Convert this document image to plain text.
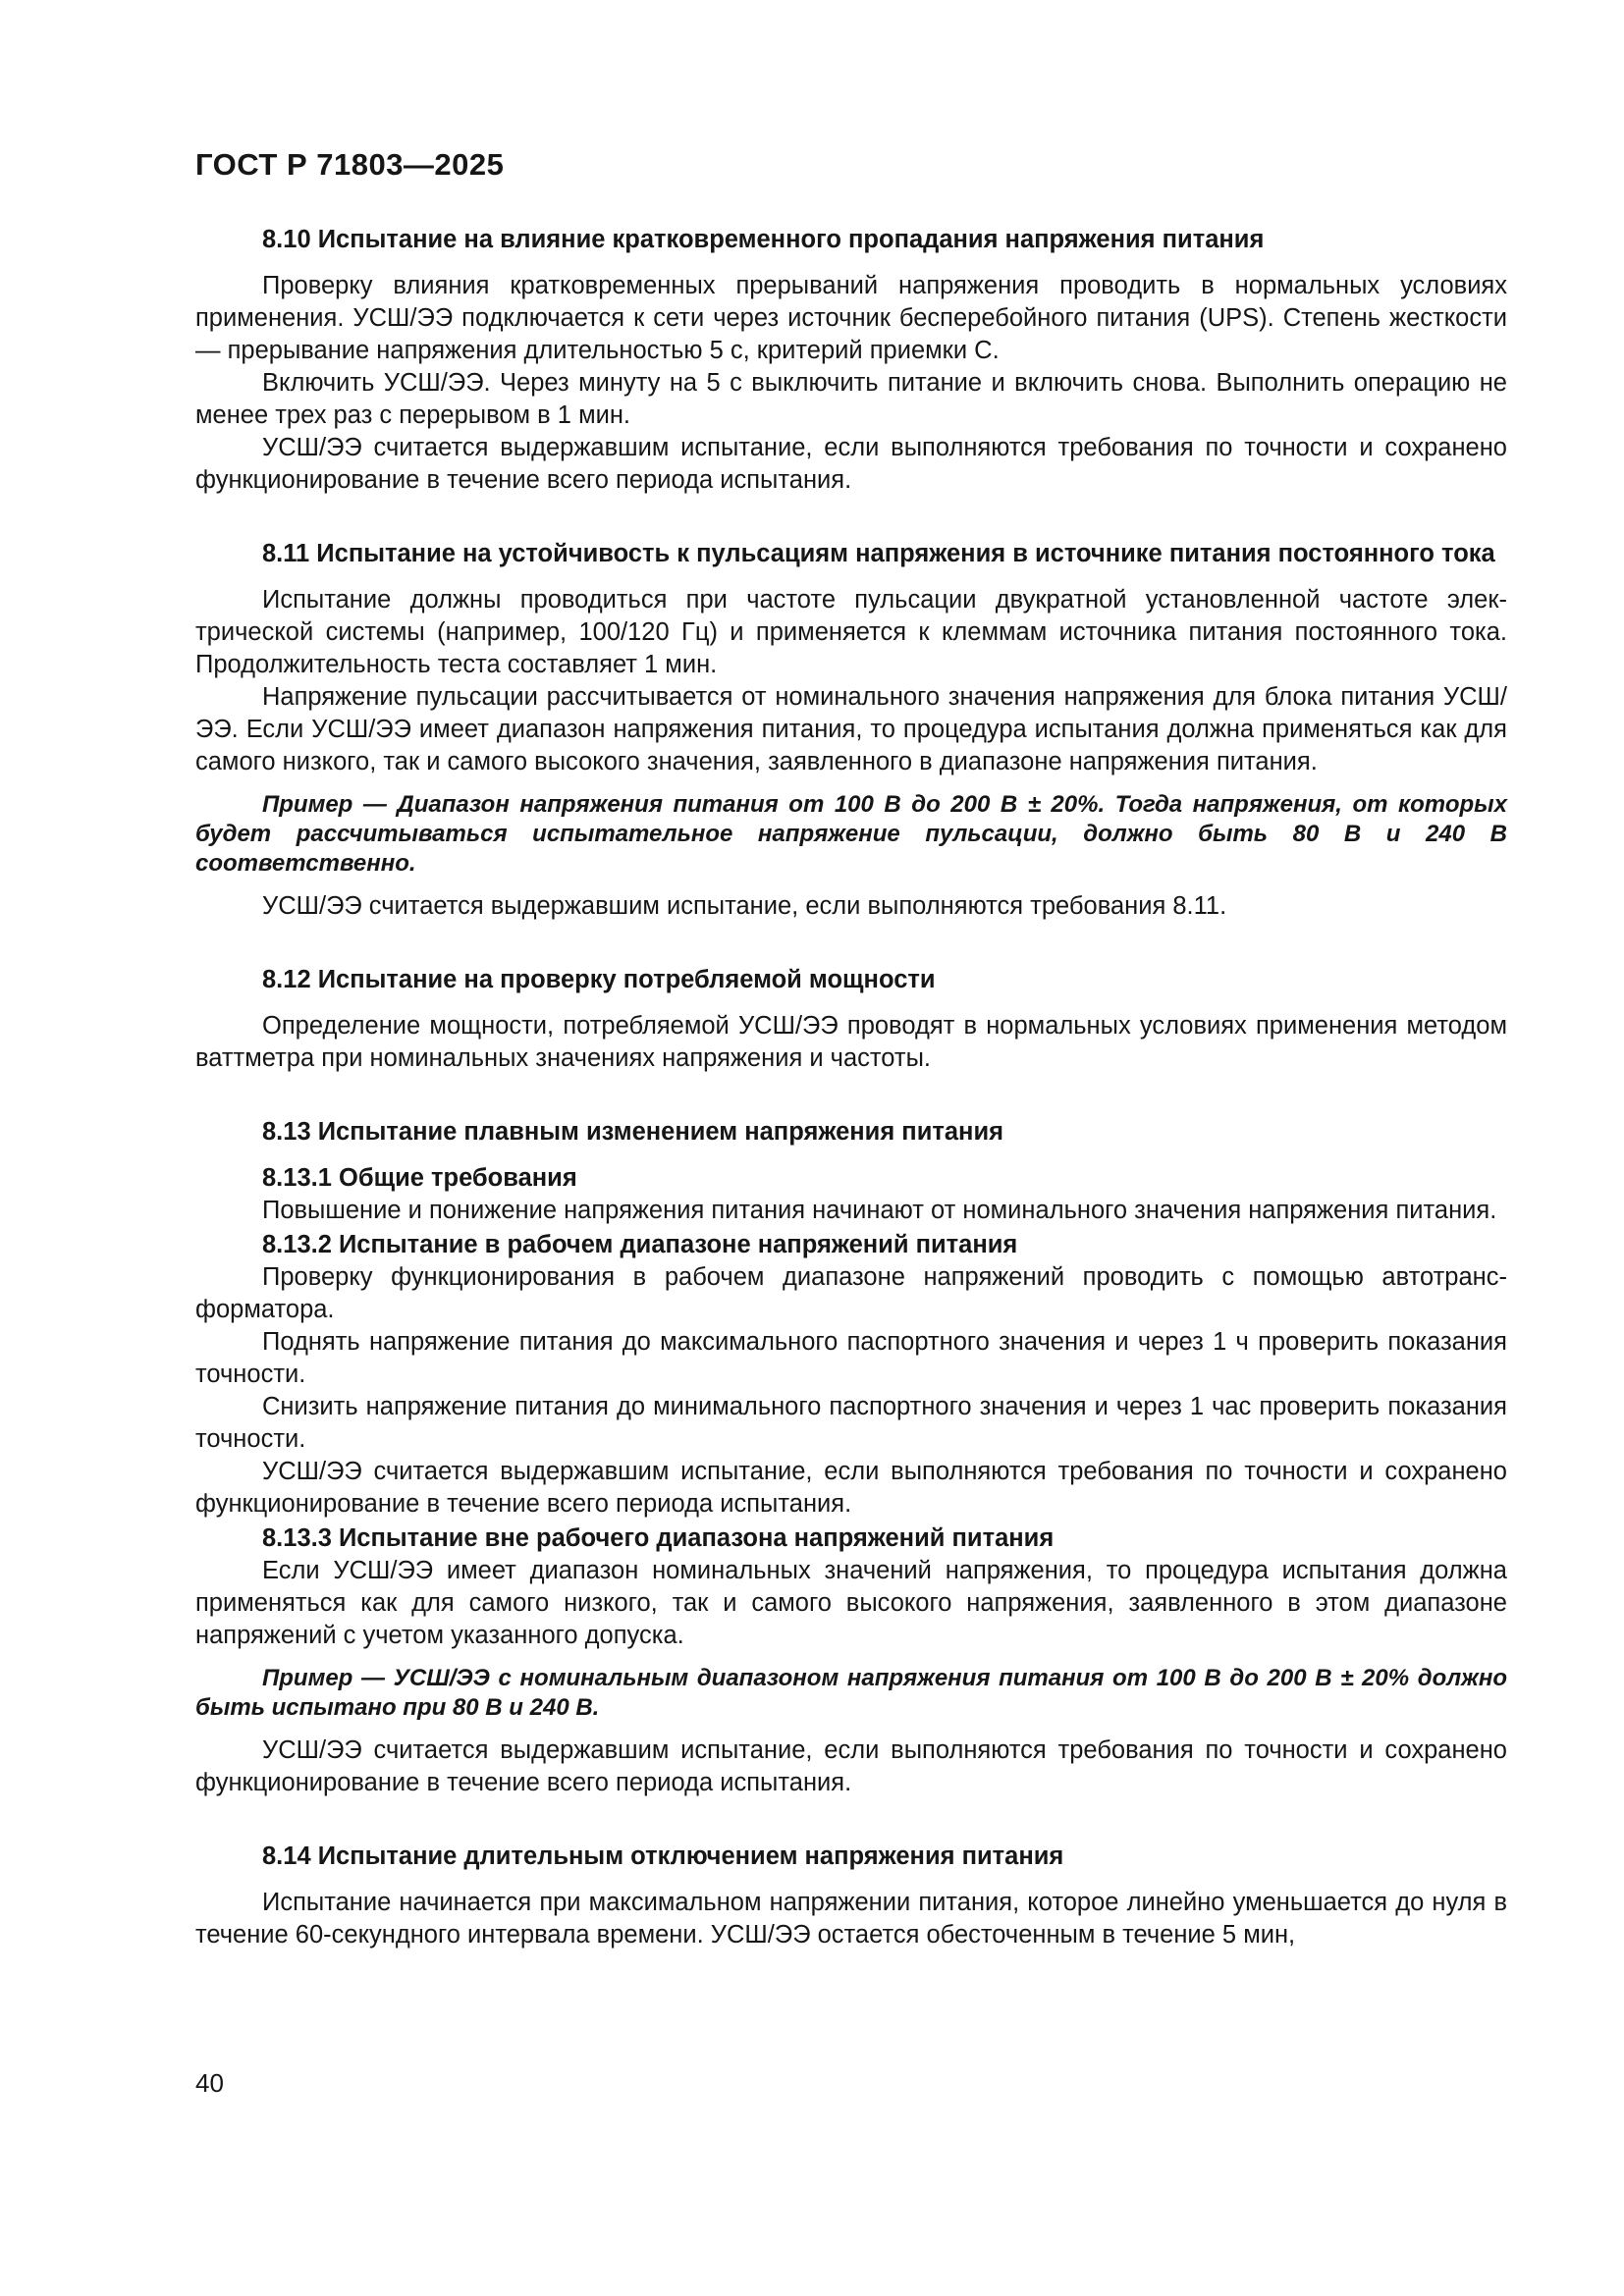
ГОСТ Р 71803—2025

8.10 Испытание на влияние кратковременного пропадания напряжения питания

Проверку влияния кратковременных прерываний напряжения проводить в нормальных условиях применения. УСШ/ЭЭ подключается к сети через источник бесперебойного питания (UPS). Степень жесткости — прерывание напряжения длительностью 5 с, критерий приемки С.

Включить УСШ/ЭЭ. Через минуту на 5 с выключить питание и включить снова. Выполнить операцию не менее трех раз с перерывом в 1 мин.

УСШ/ЭЭ считается выдержавшим испытание, если выполняются требования по точности и сохранено функционирование в течение всего периода испытания.

8.11 Испытание на устойчивость к пульсациям напряжения в источнике питания постоянного тока

Испытание должны проводиться при частоте пульсации двукратной установленной частоте электрической системы (например, 100/120 Гц) и применяется к клеммам источника питания постоянного тока. Продолжительность теста составляет 1 мин.

Напряжение пульсации рассчитывается от номинального значения напряжения для блока питания УСШ/ЭЭ. Если УСШ/ЭЭ имеет диапазон напряжения питания, то процедура испытания должна применяться как для самого низкого, так и самого высокого значения, заявленного в диапазоне напряжения питания.

Пример — Диапазон напряжения питания от 100 В до 200 В ± 20%. Тогда напряжения, от которых будет рассчитываться испытательное напряжение пульсации, должно быть 80 В и 240 В соответственно.

УСШ/ЭЭ считается выдержавшим испытание, если выполняются требования 8.11.

8.12 Испытание на проверку потребляемой мощности

Определение мощности, потребляемой УСШ/ЭЭ проводят в нормальных условиях применения методом ваттметра при номинальных значениях напряжения и частоты.

8.13 Испытание плавным изменением напряжения питания

8.13.1 Общие требования

Повышение и понижение напряжения питания начинают от номинального значения напряжения питания.

8.13.2 Испытание в рабочем диапазоне напряжений питания

Проверку функционирования в рабочем диапазоне напряжений проводить с помощью автотрансформатора.

Поднять напряжение питания до максимального паспортного значения и через 1 ч проверить показания точности.

Снизить напряжение питания до минимального паспортного значения и через 1 час проверить показания точности.

УСШ/ЭЭ считается выдержавшим испытание, если выполняются требования по точности и сохранено функционирование в течение всего периода испытания.

8.13.3 Испытание вне рабочего диапазона напряжений питания

Если УСШ/ЭЭ имеет диапазон номинальных значений напряжения, то процедура испытания должна применяться как для самого низкого, так и самого высокого напряжения, заявленного в этом диапазоне напряжений с учетом указанного допуска.

Пример — УСШ/ЭЭ с номинальным диапазоном напряжения питания от 100 В до 200 В ± 20% должно быть испытано при 80 В и 240 В.

УСШ/ЭЭ считается выдержавшим испытание, если выполняются требования по точности и сохранено функционирование в течение всего периода испытания.

8.14 Испытание длительным отключением напряжения питания

Испытание начинается при максимальном напряжении питания, которое линейно уменьшается до нуля в течение 60-секундного интервала времени. УСШ/ЭЭ остается обесточенным в течение 5 мин,

40
